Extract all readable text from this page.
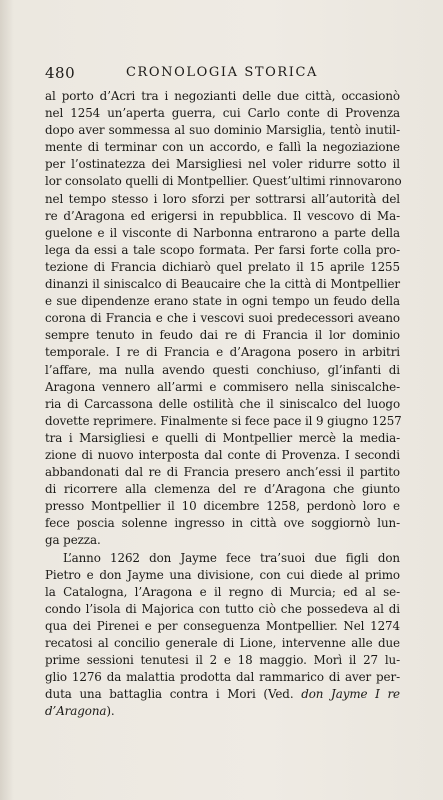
480	CRONOLOGIA STORICA
al porto d’Acri tra i negozianti delle due città, occasionò
nel 1254 un’aperta guerra, cui Carlo conte di Provenza
dopo aver sommessa al suo dominio Marsiglia, tentò inutil-
mente di terminar con un accordo, e fallì la negoziazione
per l’ostinatezza dei Marsigliesi nel voler ridurre sotto il
lor consolato quelli di Montpellier. Quest’ultimi rinnovarono
nel tempo stesso i loro sforzi per sottrarsi all’autorità del
re d’Aragona ed erigersi in repubblica. Il vescovo di Ma-
guelone e il visconte di Narbonna entrarono a parte della
lega da essi a tale scopo formata. Per farsi forte colla pro-
tezione di Francia dichiarò quel prelato il 15 aprile 1255
dinanzi il siniscalco di Beaucaire che la città di Montpellier
e sue dipendenze erano state in ogni tempo un feudo della
corona di Francia e che i vescovi suoi predecessori aveano
sempre tenuto in feudo dai re di Francia il lor dominio
temporale. I re di Francia e d’Aragona posero in arbitri
l’affare, ma nulla avendo questi conchiuso, gl’infanti di
Aragona vennero all’armi e commisero nella siniscalche-
ria di Carcassona delle ostilità che il siniscalco del luogo
dovette reprimere. Finalmente si fece pace il 9 giugno 1257
tra i Marsigliesi e quelli di Montpellier mercè la media-
zione di nuovo interposta dal conte di Provenza. I secondi
abbandonati dal re di Francia presero anch’essi il partito
di ricorrere alla clemenza del re d’Aragona che giunto
presso Montpellier il 10 dicembre 1258, perdonò loro e
fece poscia solenne ingresso in città ove soggiornò lun-
ga pezza.
L’anno 1262 don Jayme fece tra’suoi due figli don
Pietro e don Jayme una divisione, con cui diede al primo
la Catalogna, l’Aragona e il regno di Murcia; ed al se-
condo l’isola di Majorica con tutto ciò che possedeva al di
qua dei Pirenei e per conseguenza Montpellier. Nel 1274
recatosi al concilio generale di Lione, intervenne alle due
prime sessioni tenutesi il 2 e 18 maggio. Morì il 27 lu-
glio 1276 da malattia prodotta dal rammarico di aver per-
duta una battaglia contra i Mori (Ved. don Jayme I re
d’Aragona).
